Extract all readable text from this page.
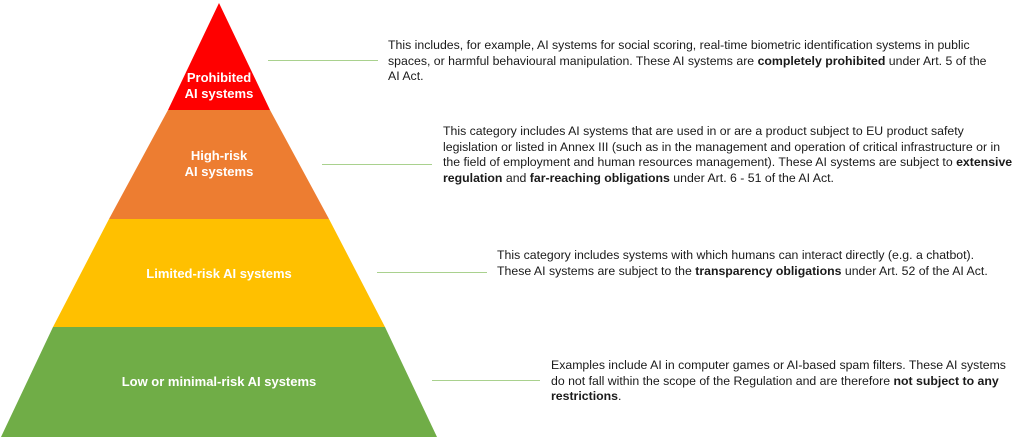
Prohibited
AI systems
High-risk
AI systems
Limited-risk AI systems
Low or minimal-risk AI systems
This includes, for example, AI systems for social scoring, real-time biometric identification systems in public spaces, or harmful behavioural manipulation. These AI systems are completely prohibited under Art. 5 of the AI Act.
This category includes AI systems that are used in or are a product subject to EU product safety legislation or listed in Annex III (such as in the management and operation of critical infrastructure or in the field of employment and human resources management). These AI systems are subject to extensive regulation and far-reaching obligations under Art. 6 - 51 of the AI Act.
This category includes systems with which humans can interact directly (e.g. a chatbot). These AI systems are subject to the transparency obligations under Art. 52 of the AI Act.
Examples include AI in computer games or AI-based spam filters. These AI systems do not fall within the scope of the Regulation and are therefore not subject to any restrictions.
